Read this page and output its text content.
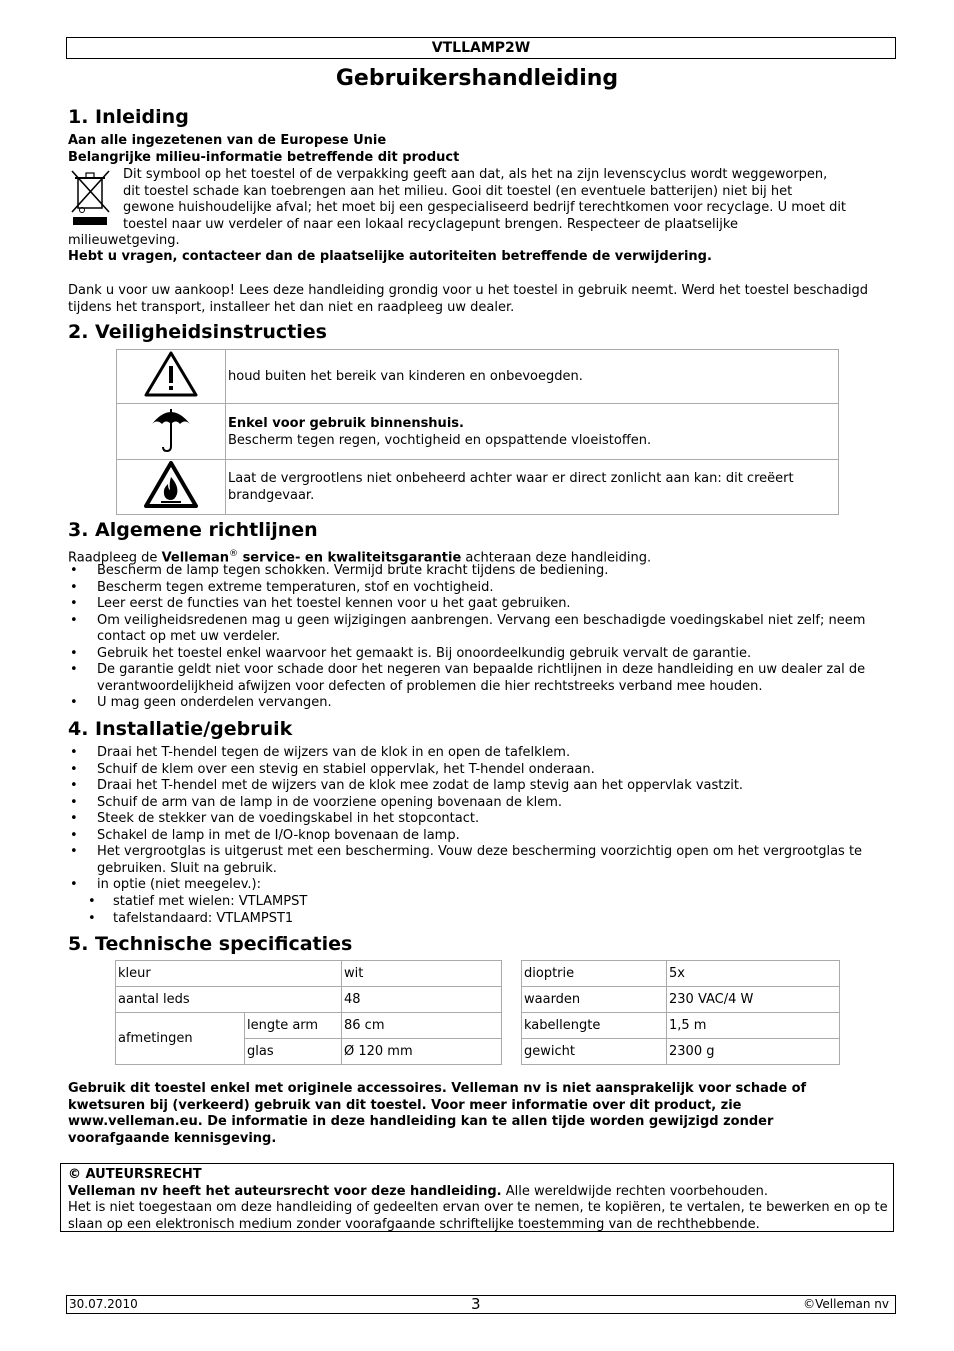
VTLLAMP2W
Gebruikershandleiding
1. Inleiding
Aan alle ingezetenen van de Europese Unie
Belangrijke milieu-informatie betreffende dit product
Dit symbool op het toestel of de verpakking geeft aan dat, als het na zijn levenscyclus wordt weggeworpen,
dit toestel schade kan toebrengen aan het milieu. Gooi dit toestel (en eventuele batterijen) niet bij het
gewone huishoudelijke afval; het moet bij een gespecialiseerd bedrijf terechtkomen voor recyclage. U moet dit
toestel naar uw verdeler of naar een lokaal recyclagepunt brengen. Respecteer de plaatselijke
milieuwetgeving.
Hebt u vragen, contacteer dan de plaatselijke autoriteiten betreffende de verwijdering.
Dank u voor uw aankoop! Lees deze handleiding grondig voor u het toestel in gebruik neemt. Werd het toestel beschadigd tijdens het transport, installeer het dan niet en raadpleeg uw dealer.
2. Veiligheidsinstructies
	houd buiten het bereik van kinderen en onbevoegden.

Enkel voor gebruik binnenshuis.
Bescherm tegen regen, vochtigheid en opspattende vloeistoffen.

	Laat de vergrootlens niet onbeheerd achter waar er direct zonlicht aan kan: dit creëert brandgevaar.
3. Algemene richtlijnen
Raadpleeg de Velleman® service- en kwaliteitsgarantie achteraan deze handleiding.
• Bescherm de lamp tegen schokken. Vermijd brute kracht tijdens de bediening.
• Bescherm tegen extreme temperaturen, stof en vochtigheid.
• Leer eerst de functies van het toestel kennen voor u het gaat gebruiken.
• Om veiligheidsredenen mag u geen wijzigingen aanbrengen. Vervang een beschadigde voedingskabel niet zelf; neem contact op met uw verdeler.
• Gebruik het toestel enkel waarvoor het gemaakt is. Bij onoordeelkundig gebruik vervalt de garantie.
• De garantie geldt niet voor schade door het negeren van bepaalde richtlijnen in deze handleiding en uw dealer zal de verantwoordelijkheid afwijzen voor defecten of problemen die hier rechtstreeks verband mee houden.
• U mag geen onderdelen vervangen.
4. Installatie/gebruik
• Draai het T-hendel tegen de wijzers van de klok in en open de tafelklem.
• Schuif de klem over een stevig en stabiel oppervlak, het T-hendel onderaan.
• Draai het T-hendel met de wijzers van de klok mee zodat de lamp stevig aan het oppervlak vastzit.
• Schuif de arm van de lamp in de voorziene opening bovenaan de klem.
• Steek de stekker van de voedingskabel in het stopcontact.
• Schakel de lamp in met de I/O-knop bovenaan de lamp.
• Het vergrootglas is uitgerust met een bescherming. Vouw deze bescherming voorzichtig open om het vergrootglas te gebruiken. Sluit na gebruik.
• in optie (niet meegelev.):
• statief met wielen: VTLAMPST
• tafelstandaard: VTLAMPST1
5. Technische specificaties
kleur		wit
aantal leds		48
afmetingen	lengte arm	86 cm
	glas	Ø 120 mm
dioptrie	5x
waarden	230 VAC/4 W
kabellengte	1,5 m
gewicht	2300 g
Gebruik dit toestel enkel met originele accessoires. Velleman nv is niet aansprakelijk voor schade of kwetsuren bij (verkeerd) gebruik van dit toestel. Voor meer informatie over dit product, zie www.velleman.eu. De informatie in deze handleiding kan te allen tijde worden gewijzigd zonder voorafgaande kennisgeving.
© AUTEURSRECHT
Velleman nv heeft het auteursrecht voor deze handleiding. Alle wereldwijde rechten voorbehouden.
Het is niet toegestaan om deze handleiding of gedeelten ervan over te nemen, te kopiëren, te vertalen, te bewerken en op te slaan op een elektronisch medium zonder voorafgaande schriftelijke toestemming van de rechthebbende.
30.07.2010	3	©Velleman nv
